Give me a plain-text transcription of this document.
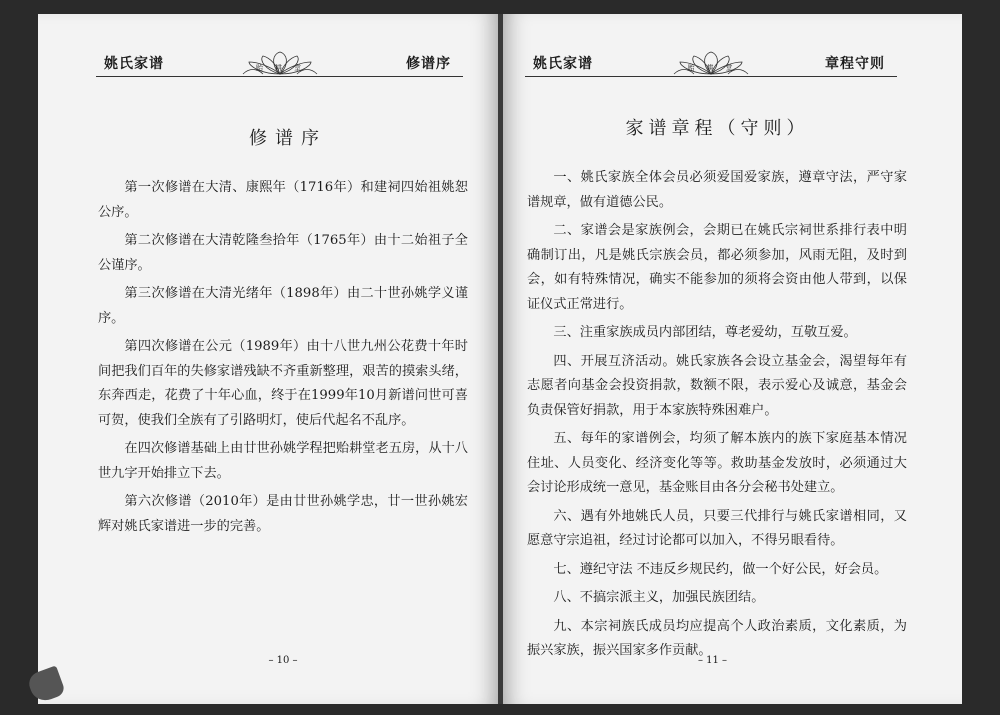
姚氏家谱	贻耕堂	修谱序
修谱序

第一次修谱在大清、康熙年（1716年）和建祠四始祖姚恕公序。

第二次修谱在大清乾隆叁拾年（1765年）由十二始祖子全公谨序。

第三次修谱在大清光绪年（1898年）由二十世孙姚学义谨序。

第四次修谱在公元（1989年）由十八世九州公花费十年时间把我们百年的失修家谱残缺不齐重新整理，艰苦的摸索头绪，东奔西走，花费了十年心血，终于在1999年10月新谱问世可喜可贺，使我们全族有了引路明灯，使后代起名不乱序。

在四次修谱基础上由廿世孙姚学程把贻耕堂老五房，从十八世九字开始排立下去。

第六次修谱（2010年）是由廿世孙姚学忠，廿一世孙姚宏辉对姚氏家谱进一步的完善。

– 10 –
姚氏家谱	贻耕堂	章程守则
家谱章程（守则）

一、姚氏家族全体会员必须爱国爱家族，遵章守法，严守家谱规章，做有道德公民。

二、家谱会是家族例会，会期已在姚氏宗祠世系排行表中明确制订出，凡是姚氏宗族会员，都必须参加，风雨无阻，及时到会，如有特殊情况，确实不能参加的须将会资由他人带到，以保证仪式正常进行。

三、注重家族成员内部团结，尊老爱幼，互敬互爱。

四、开展互济活动。姚氏家族各会设立基金会，渴望每年有志愿者向基金会投资捐款，数额不限，表示爱心及诚意，基金会负责保管好捐款，用于本家族特殊困难户。

五、每年的家谱例会，均须了解本族内的族下家庭基本情况住址、人员变化、经济变化等等。救助基金发放时，必须通过大会讨论形成统一意见，基金账目由各分会秘书处建立。

六、遇有外地姚氏人员，只要三代排行与姚氏家谱相同，又愿意守宗追祖，经过讨论都可以加入，不得另眼看待。

七、遵纪守法 不违反乡规民约，做一个好公民，好会员。

八、不搞宗派主义，加强民族团结。

九、本宗祠族氏成员均应提高个人政治素质，文化素质，为振兴家族，振兴国家多作贡献。

– 11 –
